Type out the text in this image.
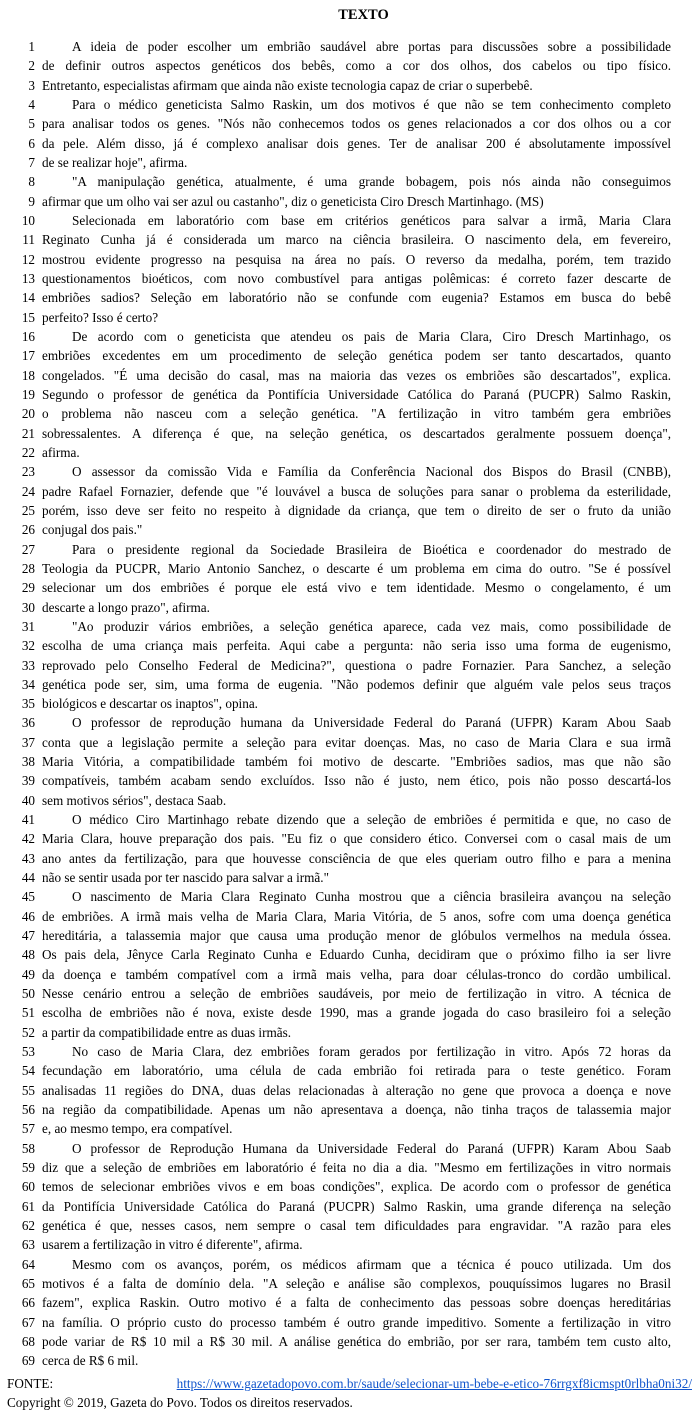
TEXTO
1	A ideia de poder escolher um embrião saudável abre portas para discussões sobre a possibilidade
2 de definir outros aspectos genéticos dos bebês, como a cor dos olhos, dos cabelos ou tipo físico.
3 Entretanto, especialistas afirmam que ainda não existe tecnologia capaz de criar o superbebê.
4	Para o médico geneticista Salmo Raskin, um dos motivos é que não se tem conhecimento completo
5 para analisar todos os genes. "Nós não conhecemos todos os genes relacionados a cor dos olhos ou a cor
6 da pele. Além disso, já é complexo analisar dois genes. Ter de analisar 200 é absolutamente impossível
7 de se realizar hoje", afirma.
8	"A manipulação genética, atualmente, é uma grande bobagem, pois nós ainda não conseguimos
9 afirmar que um olho vai ser azul ou castanho", diz o geneticista Ciro Dresch Martinhago. (MS)
10	Selecionada em laboratório com base em critérios genéticos para salvar a irmã, Maria Clara
11 Reginato Cunha já é considerada um marco na ciência brasileira. O nascimento dela, em fevereiro,
12 mostrou evidente progresso na pesquisa na área no país. O reverso da medalha, porém, tem trazido
13 questionamentos bioéticos, com novo combustível para antigas polêmicas: é correto fazer descarte de
14 embriões sadios? Seleção em laboratório não se confunde com eugenia? Estamos em busca do bebê
15 perfeito? Isso é certo?
16	De acordo com o geneticista que atendeu os pais de Maria Clara, Ciro Dresch Martinhago, os
17 embriões excedentes em um procedimento de seleção genética podem ser tanto descartados, quanto
18 congelados. "É uma decisão do casal, mas na maioria das vezes os embriões são descartados", explica.
19 Segundo o professor de genética da Pontifícia Universidade Católica do Paraná (PUCPR) Salmo Raskin,
20 o problema não nasceu com a seleção genética. "A fertilização in vitro também gera embriões
21 sobressalentes. A diferença é que, na seleção genética, os descartados geralmente possuem doença",
22 afirma.
23	O assessor da comissão Vida e Família da Conferência Nacional dos Bispos do Brasil (CNBB),
24 padre Rafael Fornazier, defende que "é louvável a busca de soluções para sanar o problema da esterilidade,
25 porém, isso deve ser feito no respeito à dignidade da criança, que tem o direito de ser o fruto da união
26 conjugal dos pais."
27	Para o presidente regional da Sociedade Brasileira de Bioética e coordenador do mestrado de
28 Teologia da PUCPR, Mario Antonio Sanchez, o descarte é um problema em cima do outro. "Se é possível
29 selecionar um dos embriões é porque ele está vivo e tem identidade. Mesmo o congelamento, é um
30 descarte a longo prazo", afirma.
31	"Ao produzir vários embriões, a seleção genética aparece, cada vez mais, como possibilidade de
32 escolha de uma criança mais perfeita. Aqui cabe a pergunta: não seria isso uma forma de eugenismo,
33 reprovado pelo Conselho Federal de Medicina?", questiona o padre Fornazier. Para Sanchez, a seleção
34 genética pode ser, sim, uma forma de eugenia. "Não podemos definir que alguém vale pelos seus traços
35 biológicos e descartar os inaptos", opina.
36	O professor de reprodução humana da Universidade Federal do Paraná (UFPR) Karam Abou Saab
37 conta que a legislação permite a seleção para evitar doenças. Mas, no caso de Maria Clara e sua irmã
38 Maria Vitória, a compatibilidade também foi motivo de descarte. "Embriões sadios, mas que não são
39 compatíveis, também acabam sendo excluídos. Isso não é justo, nem ético, pois não posso descartá-los
40 sem motivos sérios", destaca Saab.
41	O médico Ciro Martinhago rebate dizendo que a seleção de embriões é permitida e que, no caso de
42 Maria Clara, houve preparação dos pais. "Eu fiz o que considero ético. Conversei com o casal mais de um
43 ano antes da fertilização, para que houvesse consciência de que eles queriam outro filho e para a menina
44 não se sentir usada por ter nascido para salvar a irmã."
45	O nascimento de Maria Clara Reginato Cunha mostrou que a ciência brasileira avançou na seleção
46 de embriões. A irmã mais velha de Maria Clara, Maria Vitória, de 5 anos, sofre com uma doença genética
47 hereditária, a talassemia major que causa uma produção menor de glóbulos vermelhos na medula óssea.
48 Os pais dela, Jênyce Carla Reginato Cunha e Eduardo Cunha, decidiram que o próximo filho ia ser livre
49 da doença e também compatível com a irmã mais velha, para doar células-tronco do cordão umbilical.
50 Nesse cenário entrou a seleção de embriões saudáveis, por meio de fertilização in vitro. A técnica de
51 escolha de embriões não é nova, existe desde 1990, mas a grande jogada do caso brasileiro foi a seleção
52 a partir da compatibilidade entre as duas irmãs.
53	No caso de Maria Clara, dez embriões foram gerados por fertilização in vitro. Após 72 horas da
54 fecundação em laboratório, uma célula de cada embrião foi retirada para o teste genético. Foram
55 analisadas 11 regiões do DNA, duas delas relacionadas à alteração no gene que provoca a doença e nove
56 na região da compatibilidade. Apenas um não apresentava a doença, não tinha traços de talassemia major
57 e, ao mesmo tempo, era compatível.
58	O professor de Reprodução Humana da Universidade Federal do Paraná (UFPR) Karam Abou Saab
59 diz que a seleção de embriões em laboratório é feita no dia a dia. "Mesmo em fertilizações in vitro normais
60 temos de selecionar embriões vivos e em boas condições", explica. De acordo com o professor de genética
61 da Pontifícia Universidade Católica do Paraná (PUCPR) Salmo Raskin, uma grande diferença na seleção
62 genética é que, nesses casos, nem sempre o casal tem dificuldades para engravidar. "A razão para eles
63 usarem a fertilização in vitro é diferente", afirma.
64	Mesmo com os avanços, porém, os médicos afirmam que a técnica é pouco utilizada. Um dos
65 motivos é a falta de domínio dela. "A seleção e análise são complexos, pouquíssimos lugares no Brasil
66 fazem", explica Raskin. Outro motivo é a falta de conhecimento das pessoas sobre doenças hereditárias
67 na família. O próprio custo do processo também é outro grande impeditivo. Somente a fertilização in vitro
68 pode variar de R$ 10 mil a R$ 30 mil. A análise genética do embrião, por ser rara, também tem custo alto,
69 cerca de R$ 6 mil.
FONTE:	https://www.gazetadopovo.com.br/saude/selecionar-um-bebe-e-etico-76rrgxf8icmspt0rlbha0ni32/
Copyright © 2019, Gazeta do Povo. Todos os direitos reservados.
